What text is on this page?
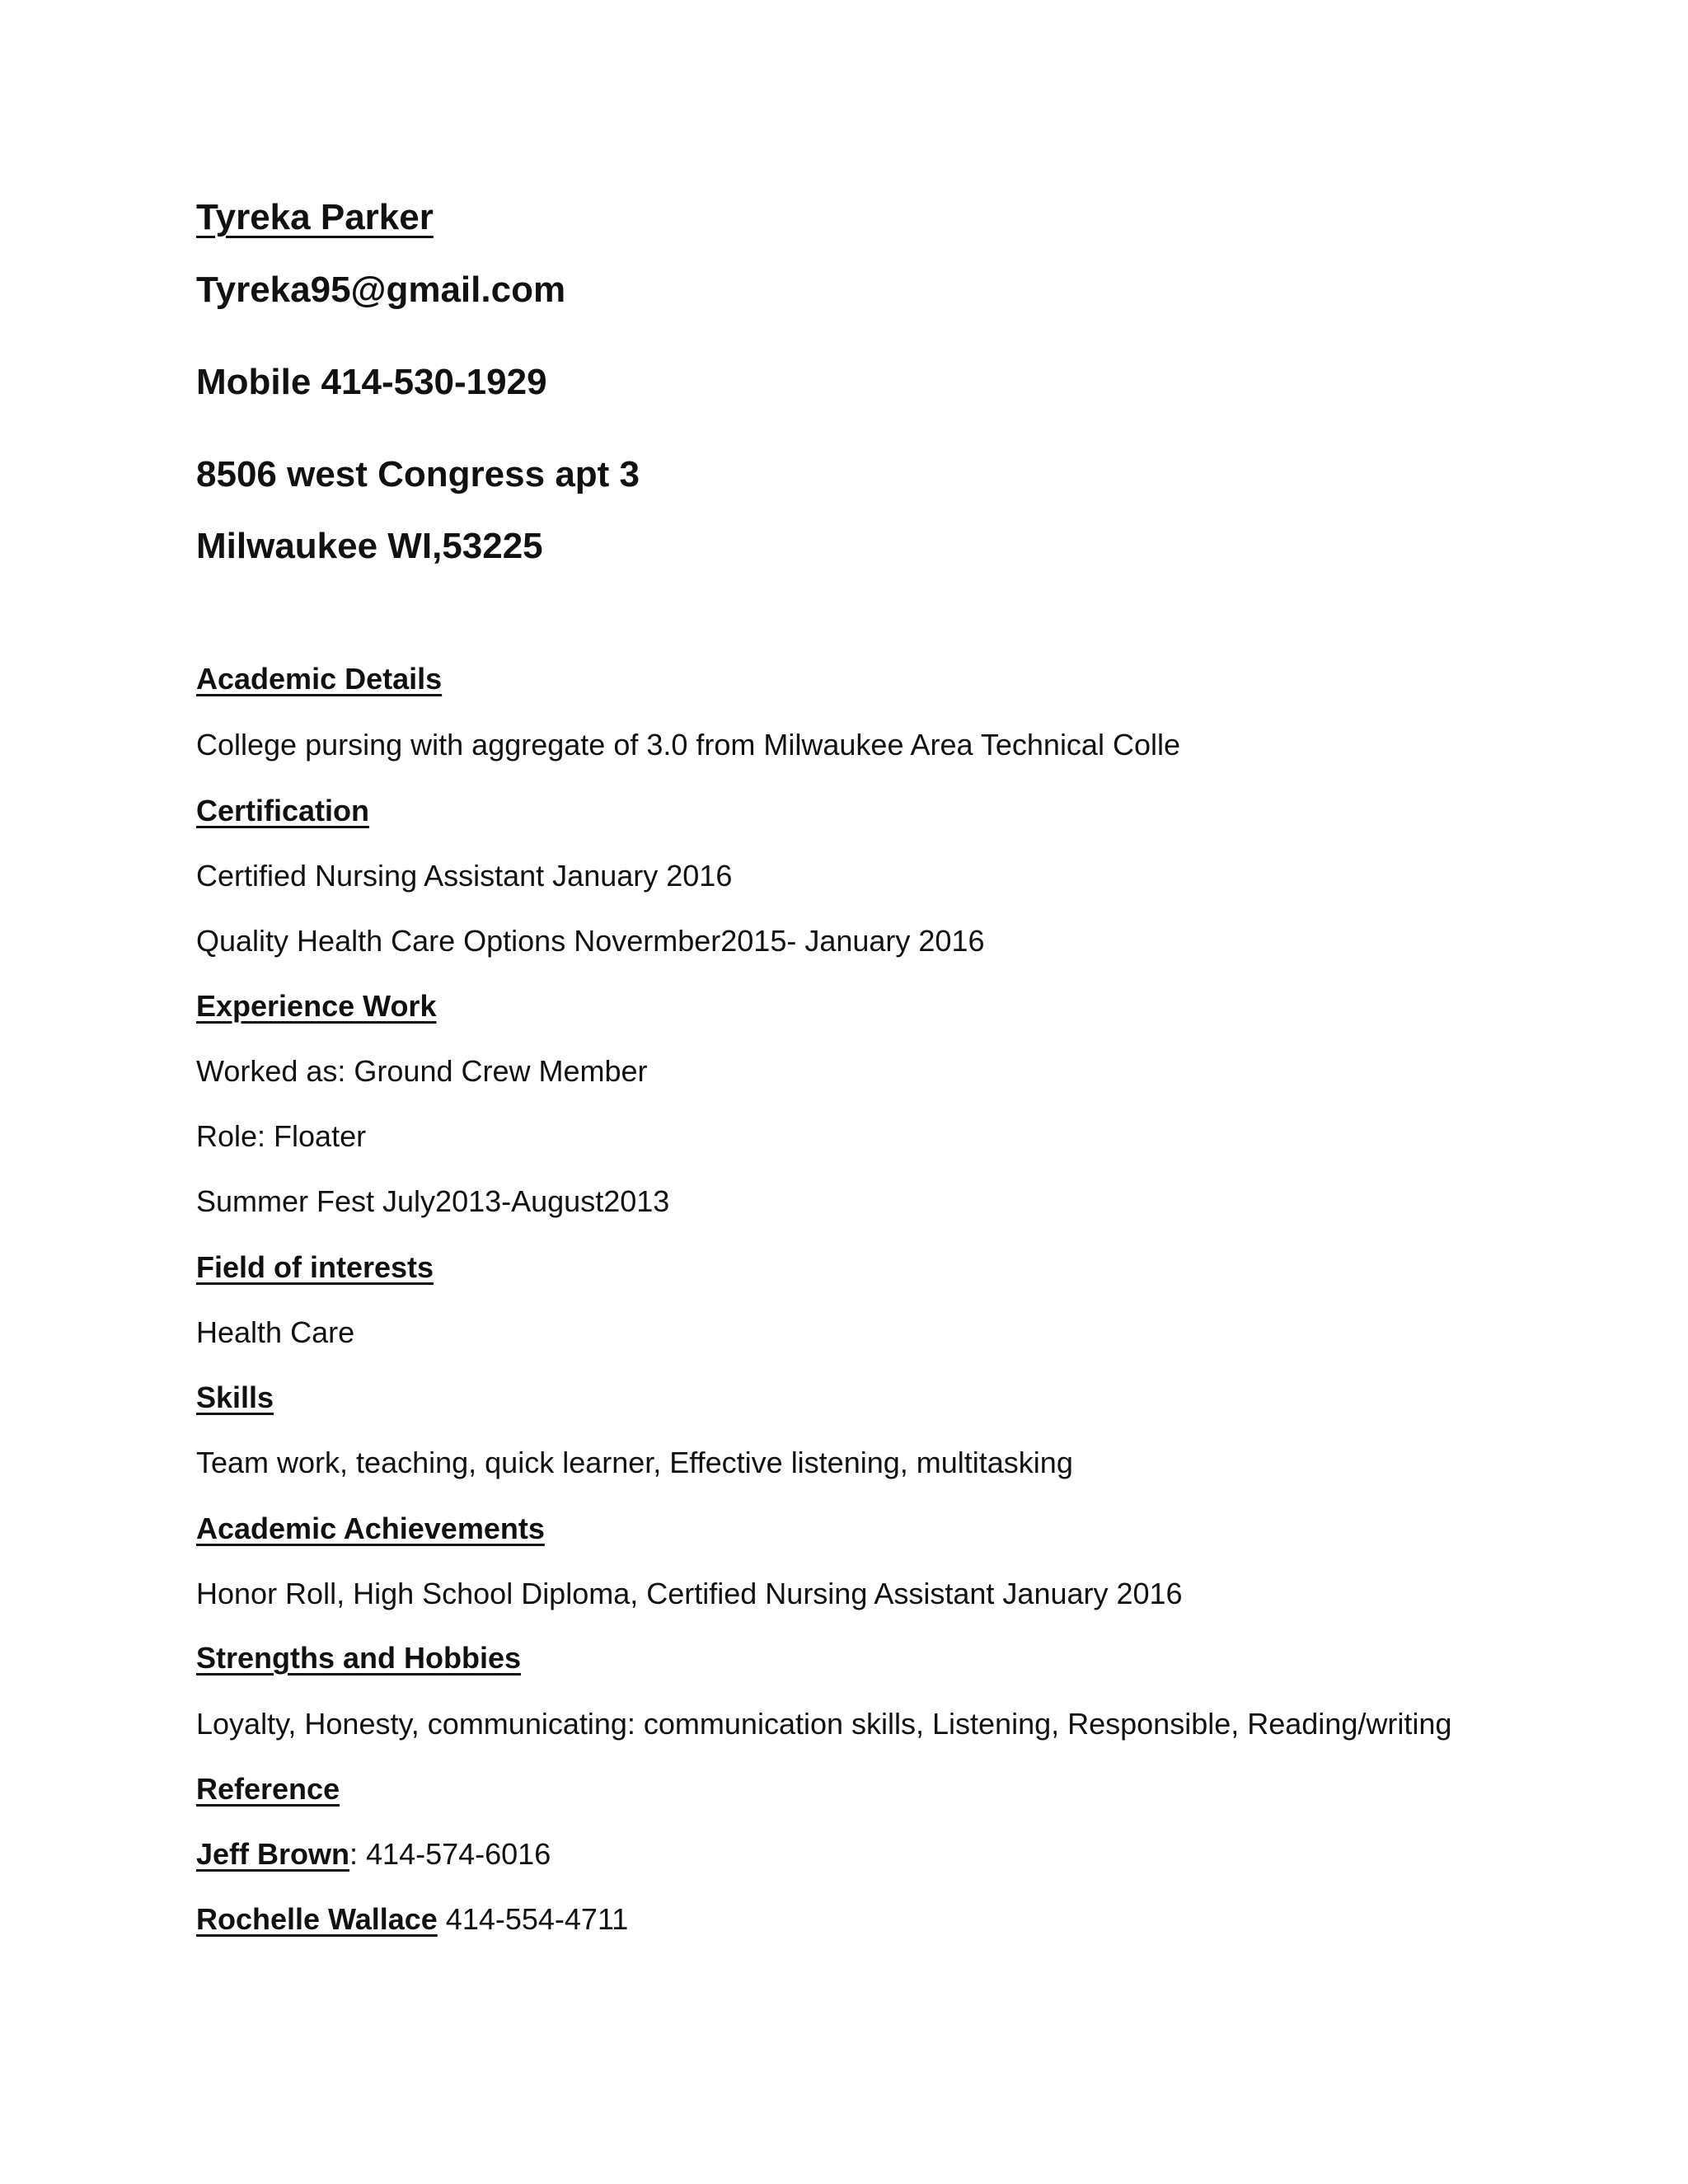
Tyreka Parker
Tyreka95@gmail.com
Mobile 414-530-1929
8506 west Congress apt 3
Milwaukee WI,53225
Academic Details
College pursing with aggregate of 3.0 from Milwaukee Area Technical Colle
Certification
Certified Nursing Assistant January 2016
Quality Health Care Options Novermber2015- January 2016
Experience Work
Worked as: Ground Crew Member
Role: Floater
Summer Fest July2013-August2013
Field of interests
Health Care
Skills
Team work, teaching, quick learner, Effective listening, multitasking
Academic Achievements
Honor Roll, High School Diploma, Certified Nursing Assistant January 2016
Strengths and Hobbies
Loyalty, Honesty, communicating: communication skills, Listening, Responsible, Reading/writing
Reference
Jeff Brown: 414-574-6016
Rochelle Wallace 414-554-4711
